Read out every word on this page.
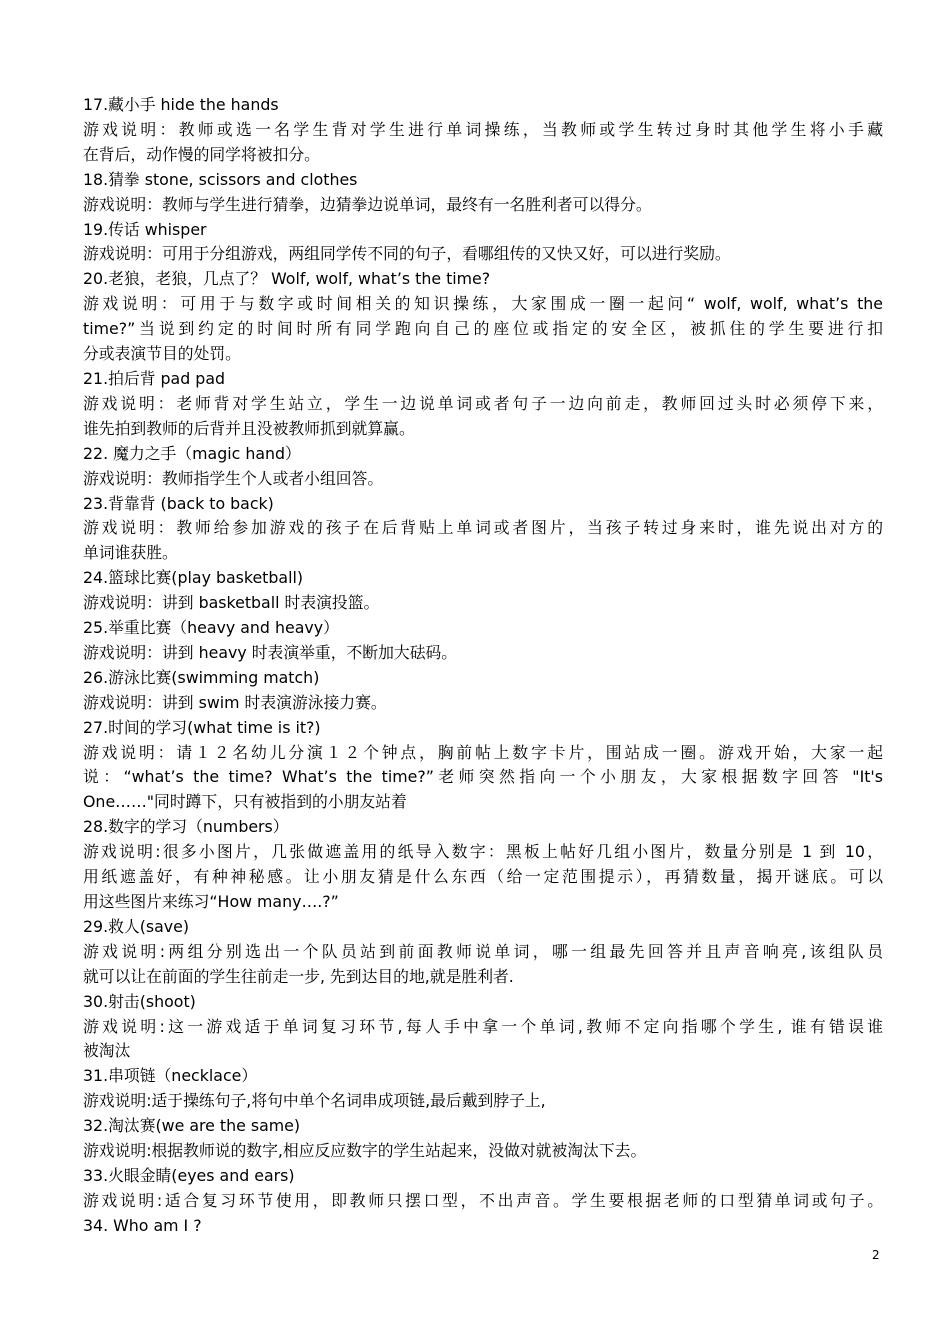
17.藏小手 hide the hands
游戏说明：教师或选一名学生背对学生进行单词操练，当教师或学生转过身时其他学生将小手藏
在背后，动作慢的同学将被扣分。
18.猜拳 stone, scissors and clothes
游戏说明：教师与学生进行猜拳，边猜拳边说单词，最终有一名胜利者可以得分。
19.传话 whisper
游戏说明：可用于分组游戏，两组同学传不同的句子，看哪组传的又快又好，可以进行奖励。
20.老狼，老狼，几点了？ Wolf, wolf, what’s the time?
游戏说明：可用于与数字或时间相关的知识操练，大家围成一圈一起问“ wolf, wolf, what’s the
time?”当说到约定的时间时所有同学跑向自己的座位或指定的安全区，被抓住的学生要进行扣
分或表演节目的处罚。
21.拍后背 pad pad
游戏说明：老师背对学生站立，学生一边说单词或者句子一边向前走，教师回过头时必须停下来，
谁先拍到教师的后背并且没被教师抓到就算赢。
22. 魔力之手（magic hand）
游戏说明：教师指学生个人或者小组回答。
23.背靠背 (back to back)
游戏说明：教师给参加游戏的孩子在后背贴上单词或者图片，当孩子转过身来时，谁先说出对方的
单词谁获胜。
24.篮球比赛(play basketball)
游戏说明：讲到 basketball 时表演投篮。
25.举重比赛（heavy and heavy）
游戏说明：讲到 heavy 时表演举重，不断加大砝码。
26.游泳比赛(swimming match)
游戏说明：讲到 swim 时表演游泳接力赛。
27.时间的学习(what time is it?)
游戏说明：请１２名幼儿分演１２个钟点，胸前帖上数字卡片，围站成一圈。游戏开始，大家一起
说：“what’s the time? What’s the time?”老师突然指向一个小朋友，大家根据数字回答 "It's
One……"同时蹲下，只有被指到的小朋友站着
28.数字的学习（numbers）
游戏说明:很多小图片，几张做遮盖用的纸导入数字：黑板上帖好几组小图片，数量分别是 1 到 10，
用纸遮盖好，有种神秘感。让小朋友猜是什么东西（给一定范围提示），再猜数量，揭开谜底。可以
用这些图片来练习“How many….?”
29.救人(save)
游戏说明:两组分别选出一个队员站到前面教师说单词，哪一组最先回答并且声音响亮,该组队员
就可以让在前面的学生往前走一步, 先到达目的地,就是胜利者.
30.射击(shoot)
游戏说明:这一游戏适于单词复习环节,每人手中拿一个单词,教师不定向指哪个学生, 谁有错误谁
被淘汰
31.串项链（necklace）
游戏说明:适于操练句子,将句中单个名词串成项链,最后戴到脖子上,
32.淘汰赛(we are the same)
游戏说明:根据教师说的数字,相应反应数字的学生站起来，没做对就被淘汰下去。
33.火眼金睛(eyes and ears)
游戏说明:适合复习环节使用，即教师只摆口型，不出声音。学生要根据老师的口型猜单词或句子。
34. Who am I ?
2
